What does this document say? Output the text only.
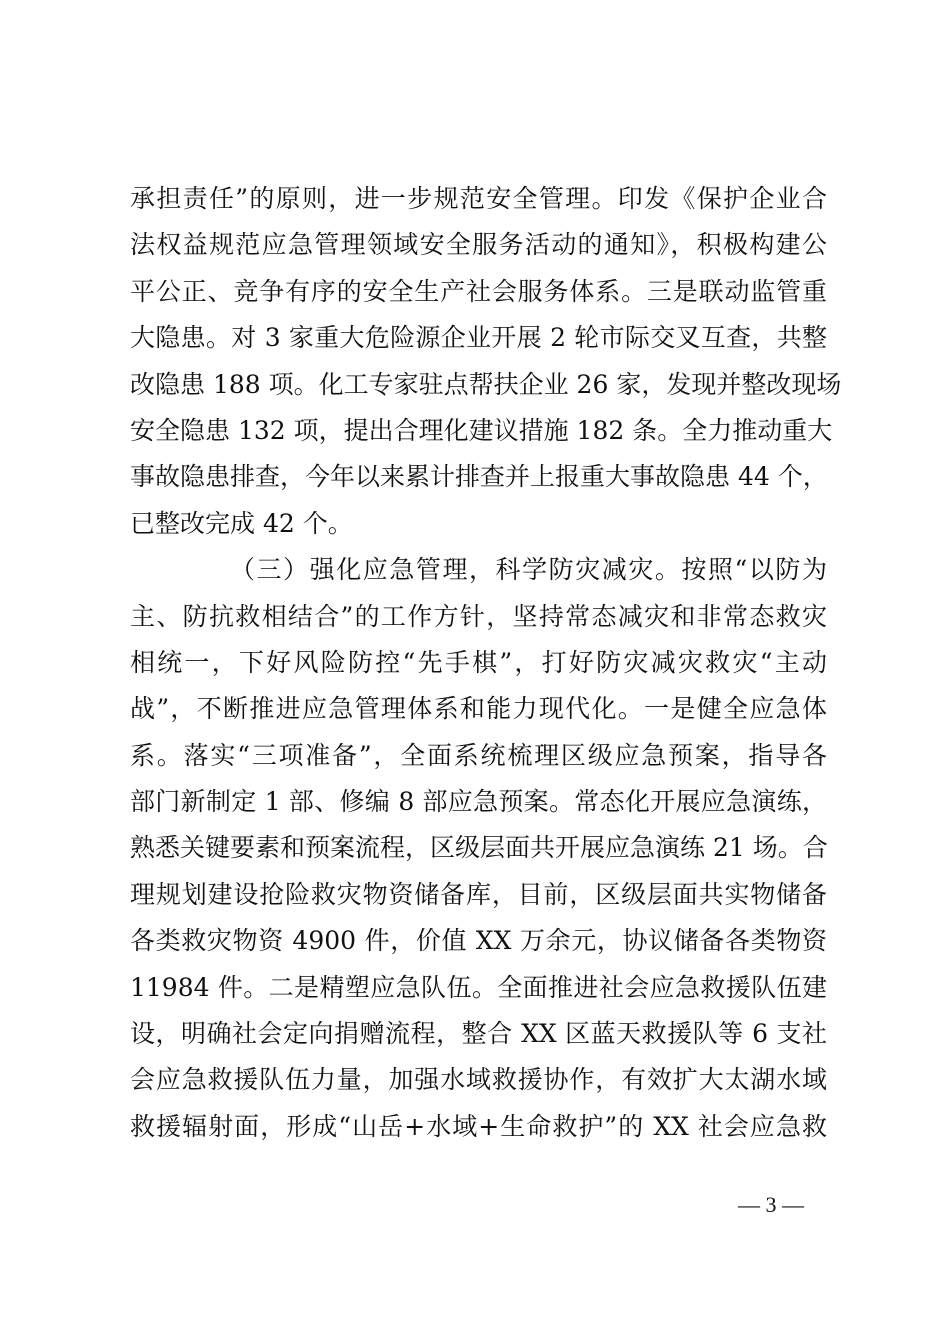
承担责任”的原则，进一步规范安全管理。印发《保护企业合
法权益规范应急管理领域安全服务活动的通知》，积极构建公
平公正、竞争有序的安全生产社会服务体系。三是联动监管重
大隐患。对 3 家重大危险源企业开展 2 轮市际交叉互查，共整
改隐患 188 项。化工专家驻点帮扶企业 26 家，发现并整改现场
安全隐患 132 项，提出合理化建议措施 182 条。全力推动重大
事故隐患排查，今年以来累计排查并上报重大事故隐患 44 个，
已整改完成 42 个。
（三）强化应急管理，科学防灾减灾。按照“以防为
主、防抗救相结合”的工作方针，坚持常态减灾和非常态救灾
相统一，下好风险防控“先手棋”，打好防灾减灾救灾“主动
战”，不断推进应急管理体系和能力现代化。一是健全应急体
系。落实“三项准备”，全面系统梳理区级应急预案，指导各
部门新制定 1 部、修编 8 部应急预案。常态化开展应急演练，
熟悉关键要素和预案流程，区级层面共开展应急演练 21 场。合
理规划建设抢险救灾物资储备库，目前，区级层面共实物储备
各类救灾物资 4900 件，价值 XX 万余元，协议储备各类物资
11984 件。二是精塑应急队伍。全面推进社会应急救援队伍建
设，明确社会定向捐赠流程，整合 XX 区蓝天救援队等 6 支社
会应急救援队伍力量，加强水域救援协作，有效扩大太湖水域
救援辐射面，形成“山岳+水域+生命救护”的 XX 社会应急救
— 3 —
